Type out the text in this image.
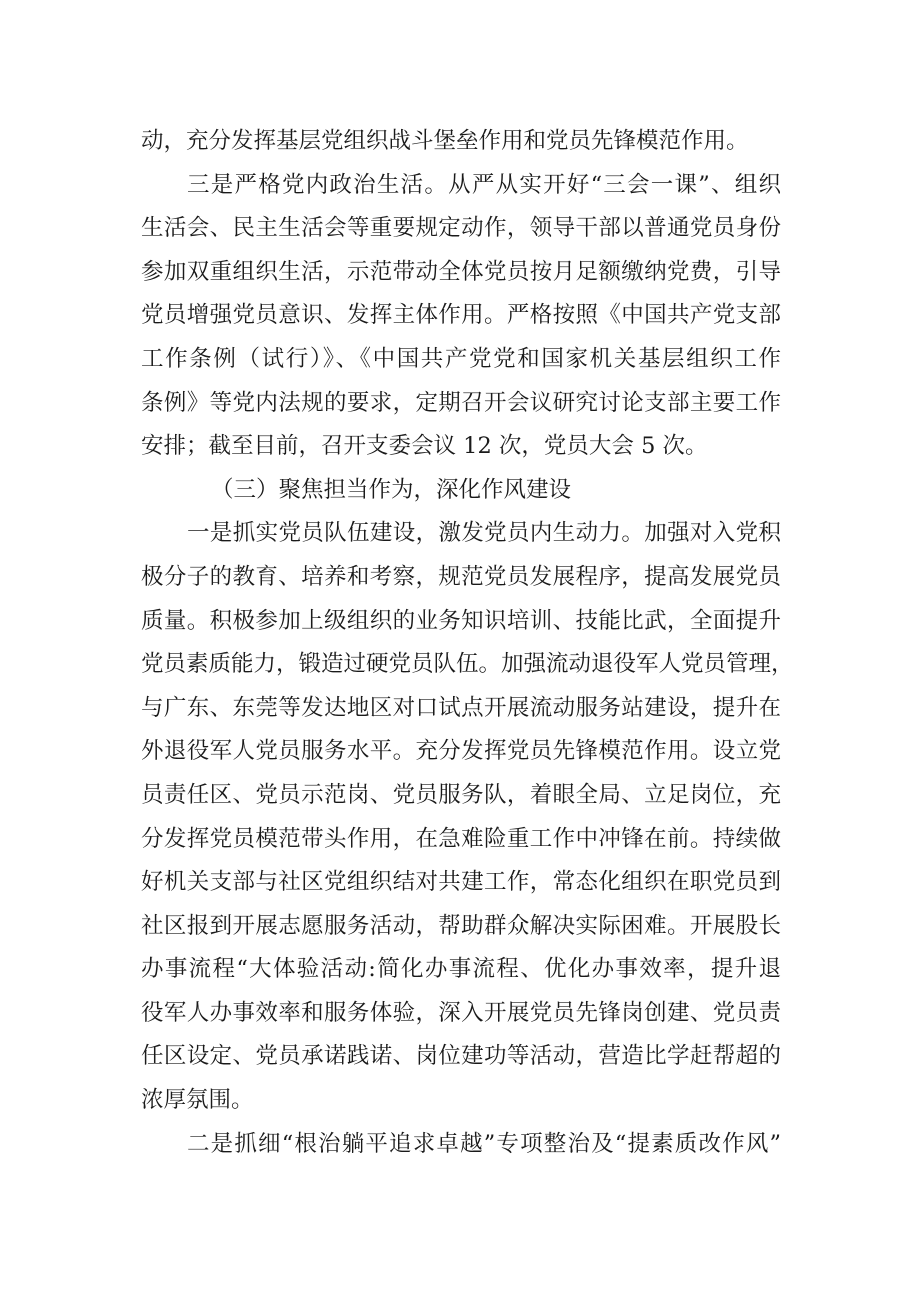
动，充分发挥基层党组织战斗堡垒作用和党员先锋模范作用。
三是严格党内政治生活。从严从实开好“三会一课”、组织
生活会、民主生活会等重要规定动作，领导干部以普通党员身份
参加双重组织生活，示范带动全体党员按月足额缴纳党费，引导
党员增强党员意识、发挥主体作用。严格按照《中国共产党支部
工作条例（试行）》、《中国共产党党和国家机关基层组织工作
条例》等党内法规的要求，定期召开会议研究讨论支部主要工作
安排；截至目前，召开支委会议 12 次，党员大会 5 次。
（三）聚焦担当作为，深化作风建设
一是抓实党员队伍建设，激发党员内生动力。加强对入党积
极分子的教育、培养和考察，规范党员发展程序，提高发展党员
质量。积极参加上级组织的业务知识培训、技能比武，全面提升
党员素质能力，锻造过硬党员队伍。加强流动退役军人党员管理，
与广东、东莞等发达地区对口试点开展流动服务站建设，提升在
外退役军人党员服务水平。充分发挥党员先锋模范作用。设立党
员责任区、党员示范岗、党员服务队，着眼全局、立足岗位，充
分发挥党员模范带头作用，在急难险重工作中冲锋在前。持续做
好机关支部与社区党组织结对共建工作，常态化组织在职党员到
社区报到开展志愿服务活动，帮助群众解决实际困难。开展股长
办事流程“大体验活动:简化办事流程、优化办事效率，提升退
役军人办事效率和服务体验，深入开展党员先锋岗创建、党员责
任区设定、党员承诺践诺、岗位建功等活动，营造比学赶帮超的
浓厚氛围。
二是抓细“根治躺平追求卓越”专项整治及“提素质改作风”
